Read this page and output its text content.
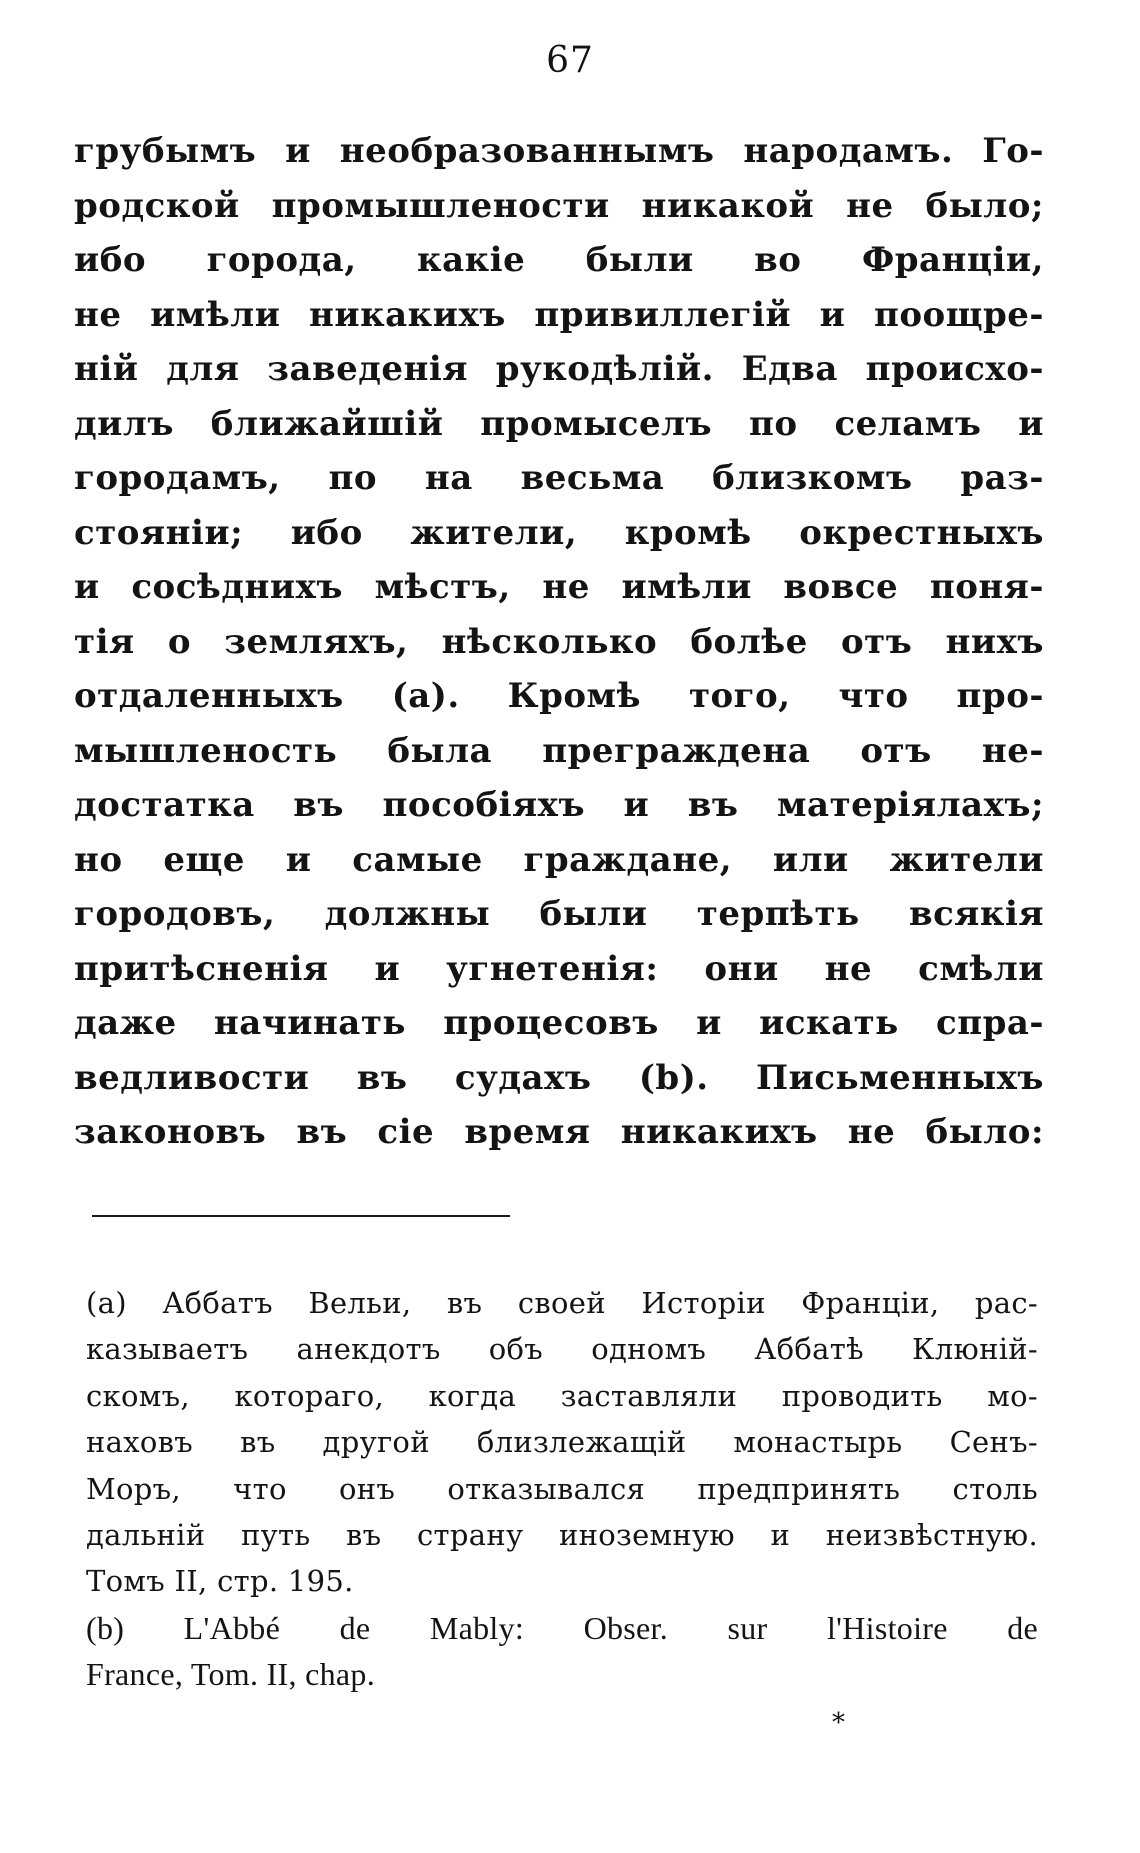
67
грубымъ и необразованнымъ народамъ. Го-
родской промышлености никакой не было;
ибо города, какіе были во Франціи,
не имѣли никакихъ привиллегій и поощре-
ній для заведенія рукодѣлій. Едва происхо-
дилъ ближайшій промыселъ по селамъ и
городамъ, по на весьма близкомъ раз-
стояніи; ибо жители, кромѣ окрестныхъ
и сосѣднихъ мѣстъ, не имѣли вовсе поня-
тія о земляхъ, нѣсколько болѣе отъ нихъ
отдаленныхъ (a). Кромѣ того, что про-
мышленость была преграждена отъ не-
достатка въ пособіяхъ и въ матеріялахъ;
но еще и самые граждане, или жители
городовъ, должны были терпѣть всякія
притѣсненія и угнетенія: они не смѣли
даже начинать процесовъ и искать спра-
ведливости въ судахъ (b). Письменныхъ
законовъ въ сіе время никакихъ не было:
(a) Аббатъ Вельи, въ своей Исторіи Франціи, рас-
казываетъ анекдотъ объ одномъ Аббатѣ Клюній-
скомъ, котораго, когда заставляли проводить мо-
наховъ въ другой близлежащій монастырь Сенъ-
Моръ, что онъ отказывался предпринять столь
дальній путь въ страну иноземную и неизвѣстную.
Томъ II, стр. 195.
(b) L'Abbé de Mably: Obser. sur l'Histoire de
France, Tom. II, chap.
*
